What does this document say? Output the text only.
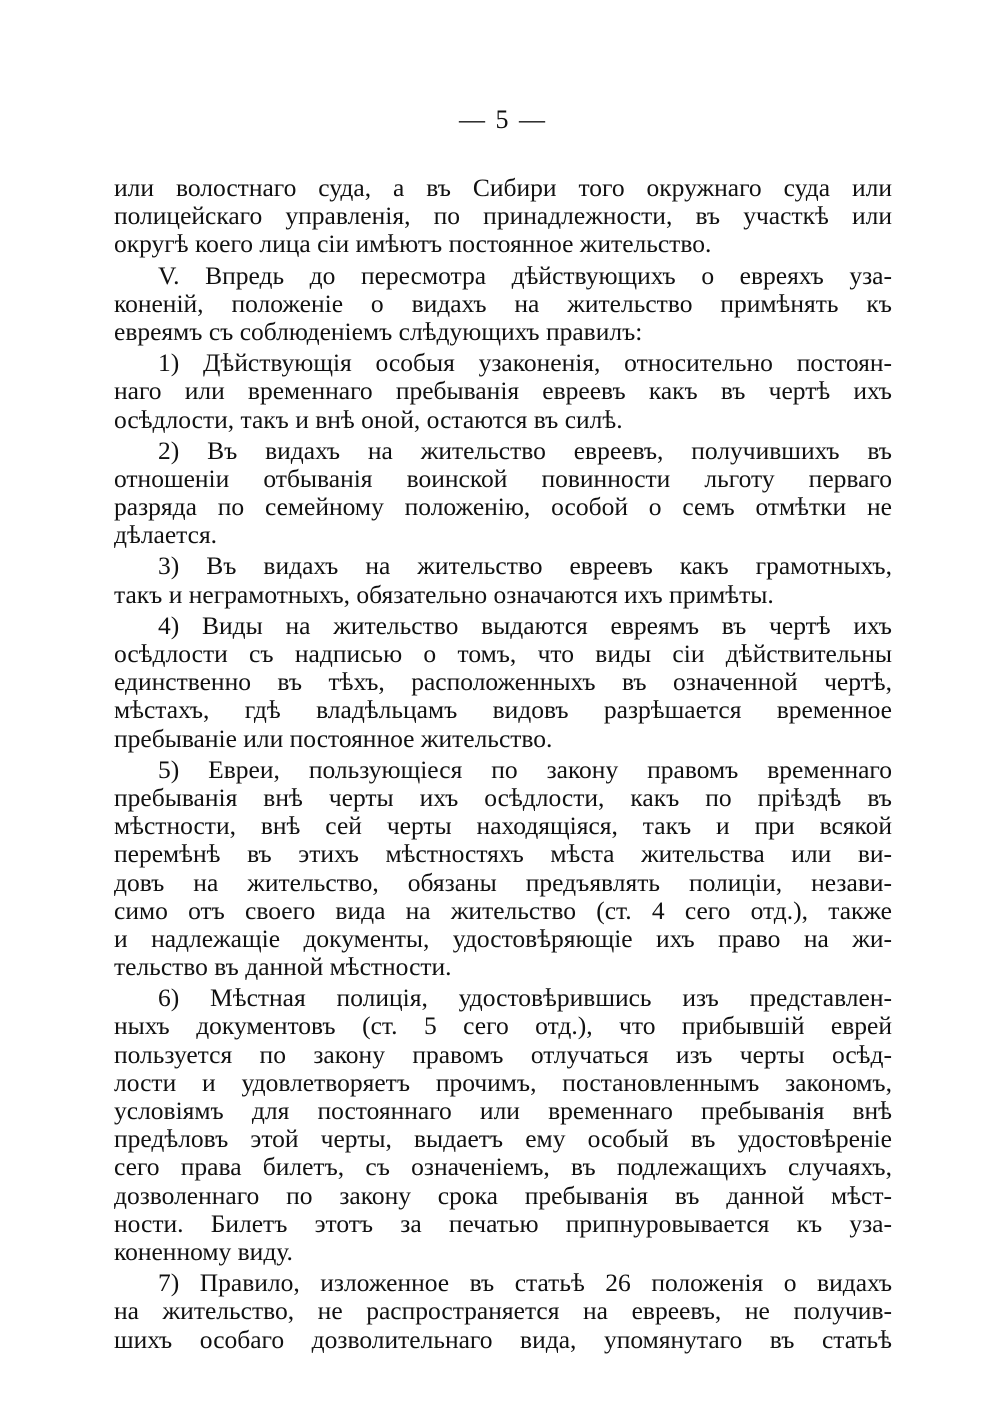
— 5 —
или волостнаго суда, а въ Сибири того окружнаго суда или
полицейскаго управленія, по принадлежности, въ участкѣ или
округѣ коего лица сіи имѣютъ постоянное жительство.
V. Впредь до пересмотра дѣйствующихъ о евреяхъ уза-
коненій, положеніе о видахъ на жительство примѣнять къ
евреямъ съ соблюденіемъ слѣдующихъ правилъ:
1) Дѣйствующія особыя узаконенія, относительно постоян-
наго или временнаго пребыванія евреевъ какъ въ чертѣ ихъ
осѣдлости, такъ и внѣ оной, остаются въ силѣ.
2) Въ видахъ на жительство евреевъ, получившихъ въ
отношеніи отбыванія воинской повинности льготу перваго
разряда по семейному положенію, особой о семъ отмѣтки не
дѣлается.
3) Въ видахъ на жительство евреевъ какъ грамотныхъ,
такъ и неграмотныхъ, обязательно означаются ихъ примѣты.
4) Виды на жительство выдаются евреямъ въ чертѣ ихъ
осѣдлости съ надписью о томъ, что виды сіи дѣйствительны
единственно въ тѣхъ, расположенныхъ въ означенной чертѣ,
мѣстахъ, гдѣ владѣльцамъ видовъ разрѣшается временное
пребываніе или постоянное жительство.
5) Евреи, пользующіеся по закону правомъ временнаго
пребыванія внѣ черты ихъ осѣдлости, какъ по пріѣздѣ въ
мѣстности, внѣ сей черты находящіяся, такъ и при всякой
перемѣнѣ въ этихъ мѣстностяхъ мѣста жительства или ви-
довъ на жительство, обязаны предъявлять полиціи, незави-
симо отъ своего вида на жительство (ст. 4 сего отд.), также
и надлежащіе документы, удостовѣряющіе ихъ право на жи-
тельство въ данной мѣстности.
6) Мѣстная полиція, удостовѣрившись изъ представлен-
ныхъ документовъ (ст. 5 сего отд.), что прибывшій еврей
пользуется по закону правомъ отлучаться изъ черты осѣд-
лости и удовлетворяетъ прочимъ, постановленнымъ закономъ,
условіямъ для постояннаго или временнаго пребыванія внѣ
предѣловъ этой черты, выдаетъ ему особый въ удостовѣреніе
сего права билетъ, съ означеніемъ, въ подлежащихъ случаяхъ,
дозволеннаго по закону срока пребыванія въ данной мѣст-
ности. Билетъ этотъ за печатью припнуровывается къ уза-
коненному виду.
7) Правило, изложенное въ статьѣ 26 положенія о видахъ
на жительство, не распространяется на евреевъ, не получив-
шихъ особаго дозволительнаго вида, упомянутаго въ статьѣ
